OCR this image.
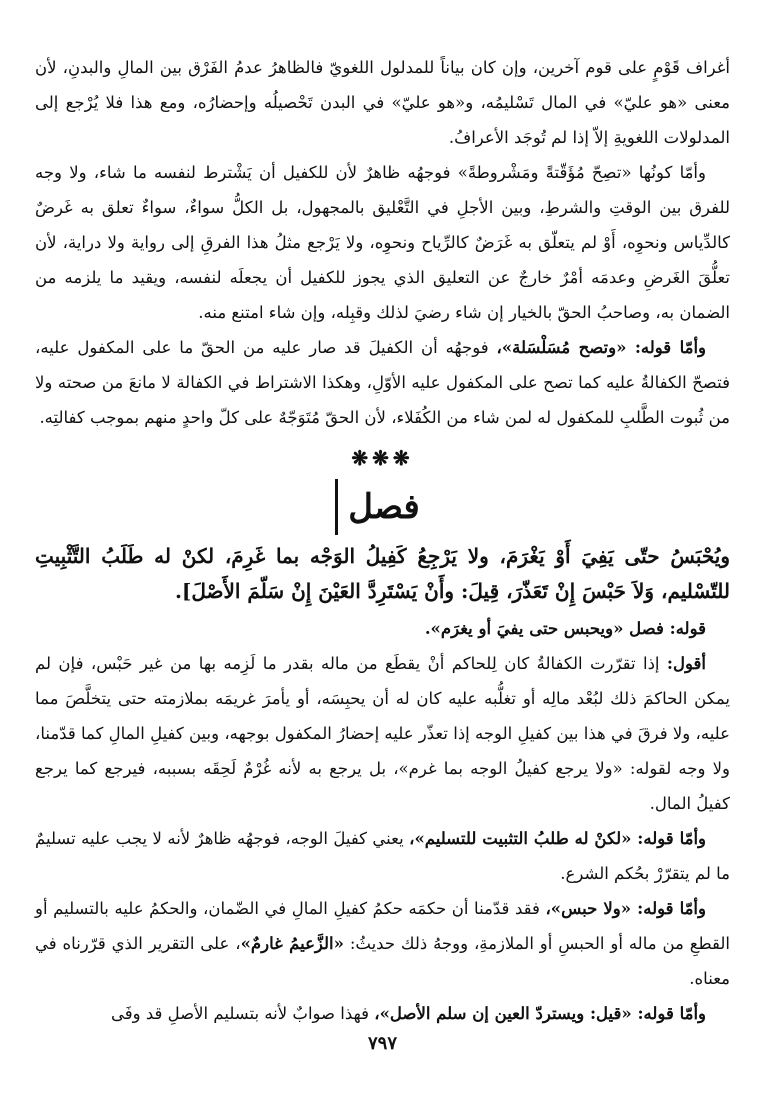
أغراف قَوْمٍ على قوم آخرين، وإن كان بياناً للمدلول اللغويّ فالظاهرُ عدمُ الفَرْق بين المالِ والبدنِ، لأن معنى «هو عليّ» في المال تَسْليمُه، و«هو عليّ» في البدن تَحْصيلُه وإحضارُه، ومع هذا فلا يُرْجع إلى المدلولات اللغويةِ إلاّ إذا لم تُوجَد الأعرافُ.

وأمّا كونُها «تصِحّ مُؤَقّتةً ومَشْروطةً» فوجهُه ظاهرٌ لأن للكفيل أن يَشْترط لنفسه ما شاء، ولا وجه للفرق بين الوقتِ والشرطِ، وبين الأجلِ في التَّعْليق بالمجهول، بل الكلُّ سواءٌ، سواءٌ تعلق به غَرضٌ كالدِّياس ونحوِه، أَوْ لم يتعلّق به غَرَضٌ كالرِّياح ونحوِه، ولا يَرْجع مثلُ هذا الفرقِ إلى رواية ولا دراية، لأن تعلُّقَ الغَرضِ وعدمَه أمْرٌ خارجٌ عن التعليق الذي يجوز للكفيل أن يجعلَه لنفسه، ويقيد ما يلزمه من الضمان به، وصاحبُ الحقّ بالخيار إن شاء رضيَ لذلك وقبِله، وإن شاء امتنع منه.

وأمّا قوله: «وتصح مُسَلْسَلة»، فوجهُه أن الكفيلَ قد صار عليه من الحقّ ما على المكفول عليه، فتصحّ الكفالةُ عليه كما تصح على المكفول عليه الأوّلِ، وهكذا الاشتراط في الكفالة لا مانعَ من صحته ولا من ثُبوت الطَّلبِ للمكفول له لمن شاء من الكُفَلاء، لأن الحقّ مُتَوَجّهٌ على كلّ واحدٍ منهم بموجب كفالتِه.

❋❋❋
فصل
ويُحْبَسُ حتّى يَفِيَ أَوْ يَغْرَمَ، ولا يَرْجِعُ كَفِيلُ الوَجْه بما غَرِمَ، لكنْ له طَلَبُ التَّثْبِيتِ للتّسْليم، وَلاَ حَبْسَ إِنْ تَعَذّرَ، قِيلَ: وأَنْ يَسْتَرِدَّ العَيْنَ إِنْ سَلّمَ الأَصْلَ].

قوله: فصل «ويحبس حتى يفيَ أو يغرَم».

أقول: إذا تقرّرت الكفالةُ كان لِلحاكم أنْ يقطَع من ماله بقدر ما لَزِمه بها من غير حَبْس، فإن لم يمكن الحاكمَ ذلك لبُعْد مالِه أو تغلُّبه عليه كان له أن يحبِسَه، أو يأمرَ غريمَه بملازمته حتى يتخلَّصَ مما عليه، ولا فرقَ في هذا بين كفيلِ الوجه إذا تعذّر عليه إحضارُ المكفول بوجهه، وبين كفيلِ المالِ كما قدّمنا، ولا وجه لقوله: «ولا يرجع كفيلُ الوجه بما غرم»، بل يرجع به لأنه غُرْمٌ لَحِقَه بسببه، فيرجع كما يرجع كفيلُ المال.

وأمّا قوله: «لكنْ له طلبُ التثبيت للتسليم»، يعني كفيلَ الوجه، فوجهُه ظاهرٌ لأنه لا يجب عليه تسليمٌ ما لم يتقرّرْ بحُكم الشرع.

وأمّا قوله: «ولا حبس»، فقد قدّمنا أن حكمَه حكمُ كفيلِ المالِ في الضّمان، والحكمُ عليه بالتسليم أو القطعِ من ماله أو الحبسِ أو الملازمةِ، ووجهُ ذلك حديثُ: «الزَّعيمُ غارمٌ»، على التقرير الذي قرّرناه في معناه.

وأمّا قوله: «قيل: ويستردّ العين إن سلم الأصل»، فهذا صوابٌ لأنه بتسليم الأصلِ قد وفَى

٧٩٧
